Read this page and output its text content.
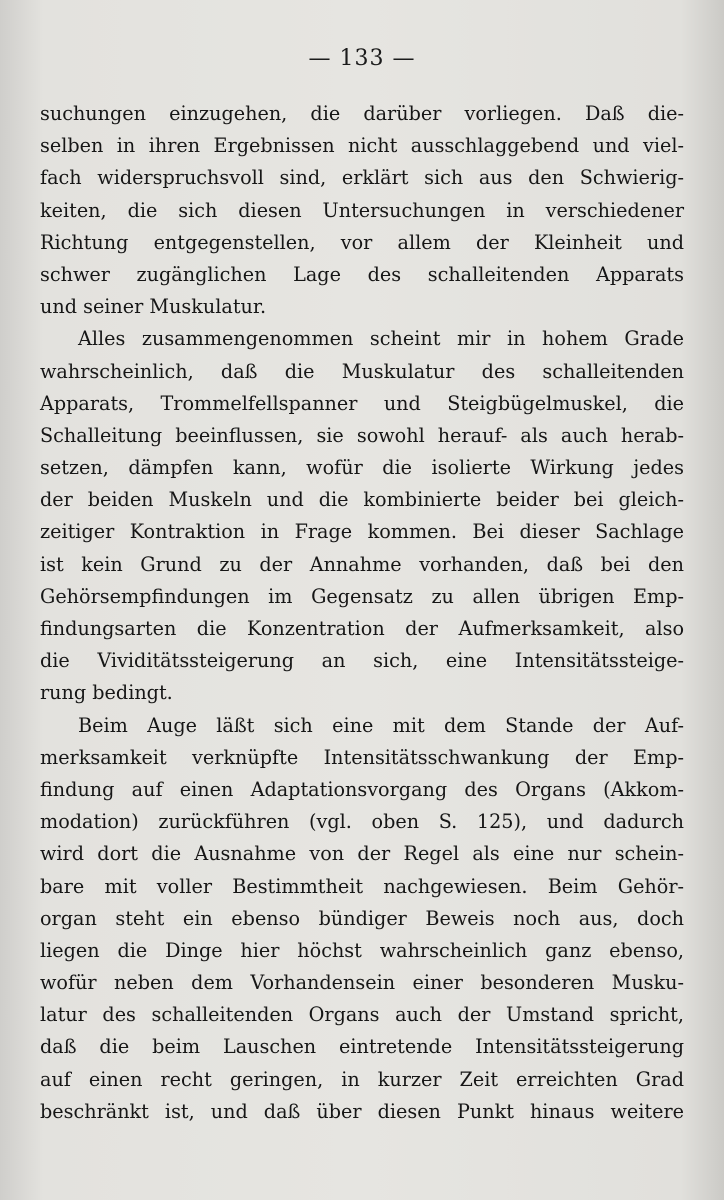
— 133 —
suchungen einzugehen, die darüber vorliegen. Daß die-
selben in ihren Ergebnissen nicht ausschlaggebend und viel-
fach widerspruchsvoll sind, erklärt sich aus den Schwierig-
keiten, die sich diesen Untersuchungen in verschiedener
Richtung entgegenstellen, vor allem der Kleinheit und
schwer zugänglichen Lage des schalleitenden Apparats
und seiner Muskulatur.
Alles zusammengenommen scheint mir in hohem Grade
wahrscheinlich, daß die Muskulatur des schalleitenden
Apparats, Trommelfellspanner und Steigbügelmuskel, die
Schalleitung beeinflussen, sie sowohl herauf- als auch herab-
setzen, dämpfen kann, wofür die isolierte Wirkung jedes
der beiden Muskeln und die kombinierte beider bei gleich-
zeitiger Kontraktion in Frage kommen. Bei dieser Sachlage
ist kein Grund zu der Annahme vorhanden, daß bei den
Gehörsempfindungen im Gegensatz zu allen übrigen Emp-
findungsarten die Konzentration der Aufmerksamkeit, also
die Vividitätssteigerung an sich, eine Intensitätssteige-
rung bedingt.
Beim Auge läßt sich eine mit dem Stande der Auf-
merksamkeit verknüpfte Intensitätsschwankung der Emp-
findung auf einen Adaptationsvorgang des Organs (Akkom-
modation) zurückführen (vgl. oben S. 125), und dadurch
wird dort die Ausnahme von der Regel als eine nur schein-
bare mit voller Bestimmtheit nachgewiesen. Beim Gehör-
organ steht ein ebenso bündiger Beweis noch aus, doch
liegen die Dinge hier höchst wahrscheinlich ganz ebenso,
wofür neben dem Vorhandensein einer besonderen Musku-
latur des schalleitenden Organs auch der Umstand spricht,
daß die beim Lauschen eintretende Intensitätssteigerung
auf einen recht geringen, in kurzer Zeit erreichten Grad
beschränkt ist, und daß über diesen Punkt hinaus weitere
